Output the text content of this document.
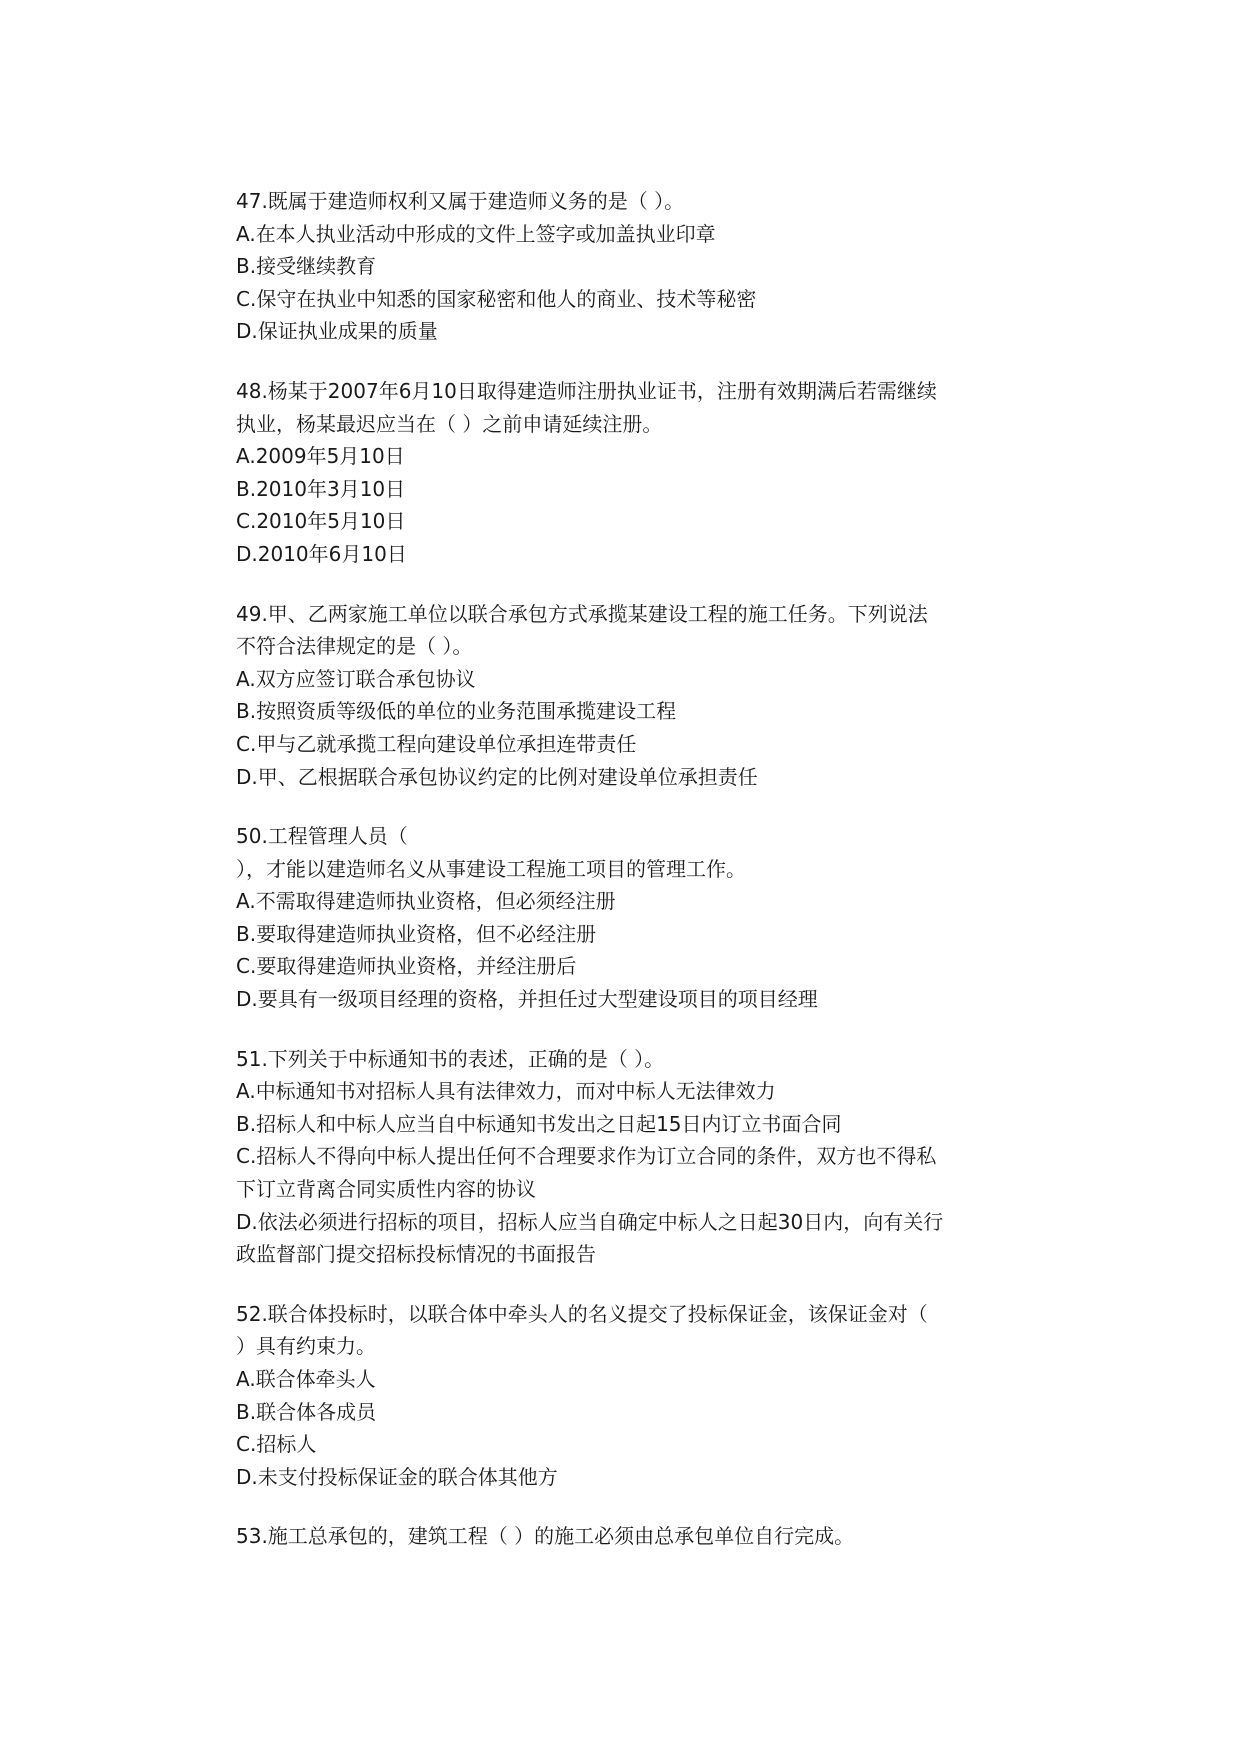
47.既属于建造师权利又属于建造师义务的是（ ）。
A.在本人执业活动中形成的文件上签字或加盖执业印章
B.接受继续教育
C.保守在执业中知悉的国家秘密和他人的商业、技术等秘密
D.保证执业成果的质量
48.杨某于2007年6月10日取得建造师注册执业证书，注册有效期满后若需继续
执业，杨某最迟应当在（ ）之前申请延续注册。
A.2009年5月10日
B.2010年3月10日
C.2010年5月10日
D.2010年6月10日
49.甲、乙两家施工单位以联合承包方式承揽某建设工程的施工任务。下列说法
不符合法律规定的是（ ）。
A.双方应签订联合承包协议
B.按照资质等级低的单位的业务范围承揽建设工程
C.甲与乙就承揽工程向建设单位承担连带责任
D.甲、乙根据联合承包协议约定的比例对建设单位承担责任
50.工程管理人员（
），才能以建造师名义从事建设工程施工项目的管理工作。
A.不需取得建造师执业资格，但必须经注册
B.要取得建造师执业资格，但不必经注册
C.要取得建造师执业资格，并经注册后
D.要具有一级项目经理的资格，并担任过大型建设项目的项目经理
51.下列关于中标通知书的表述，正确的是（ ）。
A.中标通知书对招标人具有法律效力，而对中标人无法律效力
B.招标人和中标人应当自中标通知书发出之日起15日内订立书面合同
C.招标人不得向中标人提出任何不合理要求作为订立合同的条件，双方也不得私
下订立背离合同实质性内容的协议
D.依法必须进行招标的项目，招标人应当自确定中标人之日起30日内，向有关行
政监督部门提交招标投标情况的书面报告
52.联合体投标时，以联合体中牵头人的名义提交了投标保证金，该保证金对（
）具有约束力。
A.联合体牵头人
B.联合体各成员
C.招标人
D.未支付投标保证金的联合体其他方
53.施工总承包的，建筑工程（ ）的施工必须由总承包单位自行完成。
